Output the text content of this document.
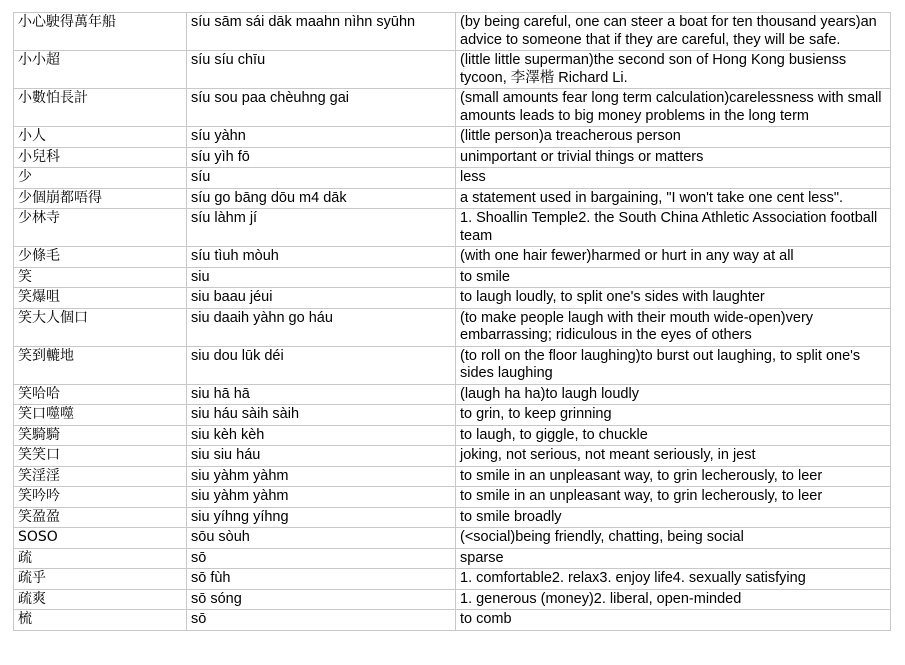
小心駛得萬年船	síu sām sái dāk maahn nìhn syūhn	(by being careful, one can steer a boat for ten thousand years)an advice to someone that if they are careful, they will be safe.
小小超	síu síu chīu	(little little superman)the second son of Hong Kong busienss tycoon, 李澤楷 Richard Li.
小數怕長計	síu sou paa chèuhng gai	(small amounts fear long term calculation)carelessness with small amounts leads to big money problems in the long term
小人	síu yàhn	(little person)a treacherous person
小兒科	síu yìh fō	unimportant or trivial things or matters
少	síu	less
少個崩都唔得	síu go bāng dōu m4 dāk	a statement used in bargaining, "I won't take one cent less".
少林寺	síu làhm jí	1. Shoallin Temple2. the South China Athletic Association football team
少條毛	síu tìuh mòuh	(with one hair fewer)harmed or hurt in any way at all
笑	siu	to smile
笑爆咀	siu baau jéui	to laugh loudly, to split one's sides with laughter
笑大人個口	siu daaih yàhn go háu	(to make people laugh with their mouth wide-open)very embarrassing; ridiculous in the eyes of others
笑到轆地	siu dou lūk déi	(to roll on the floor laughing)to burst out laughing, to split one's sides laughing
笑哈哈	siu hā hā	(laugh ha ha)to laugh loudly
笑口噬噬	siu háu sàih sàih	to grin, to keep grinning
笑騎騎	siu kèh kèh	to laugh, to giggle, to chuckle
笑笑口	siu siu háu	joking, not serious, not meant seriously, in jest
笑淫淫	siu yàhm yàhm	to smile in an unpleasant way, to grin lecherously, to leer
笑吟吟	siu yàhm yàhm	to smile in an unpleasant way, to grin lecherously, to leer
笑盈盈	siu yíhng yíhng	to smile broadly
SOSO	sōu sòuh	(<social)being friendly, chatting, being social
疏	sō	sparse
疏乎	sō fùh	1. comfortable2. relax3. enjoy life4. sexually satisfying
疏爽	sō sóng	1. generous (money)2. liberal, open-minded
梳	sō	to comb
